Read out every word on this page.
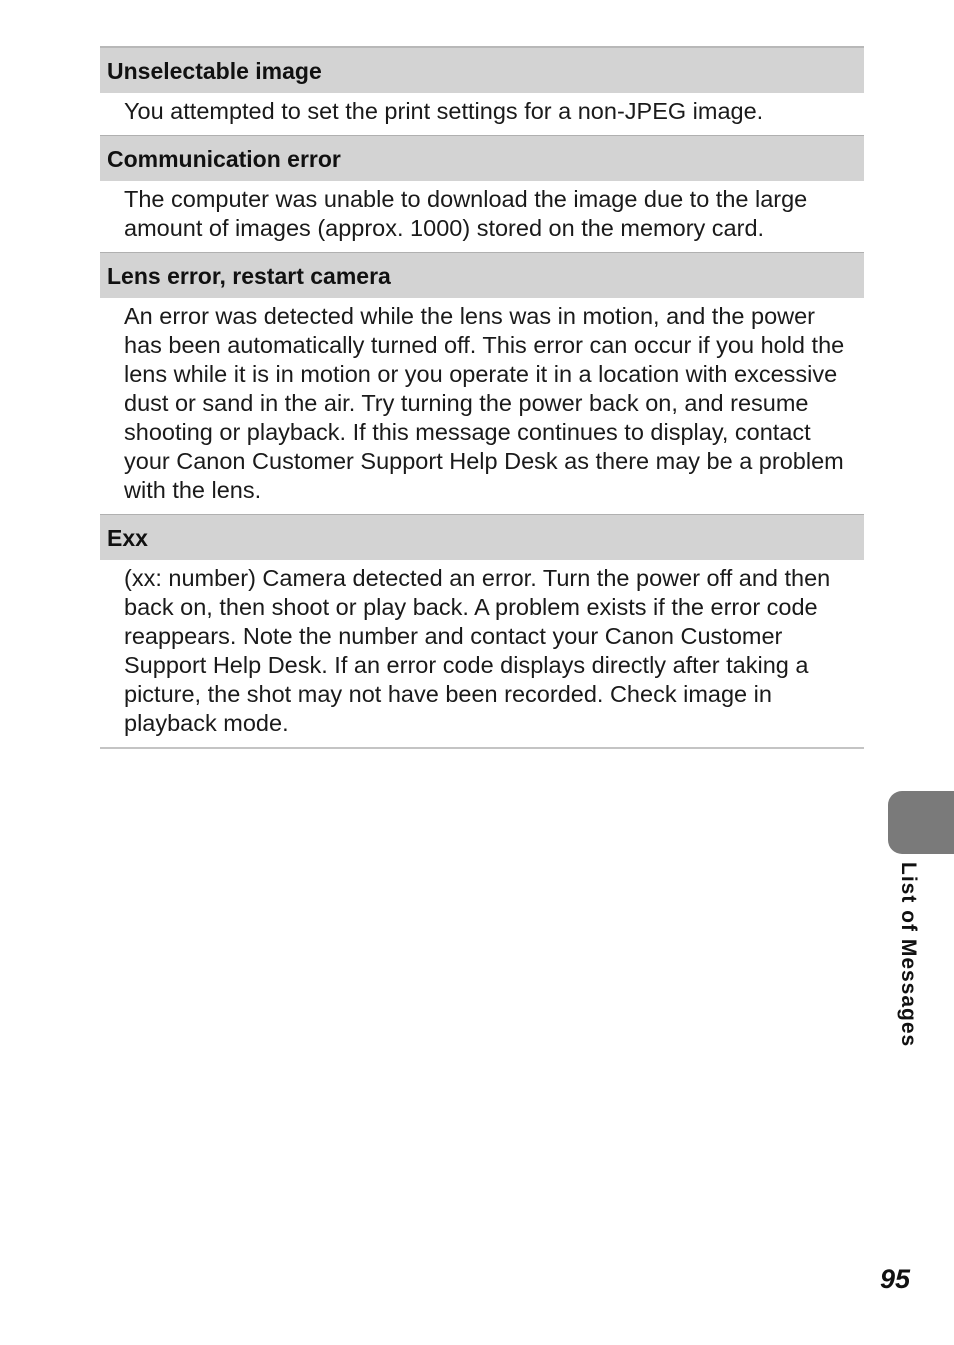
Unselectable image
You attempted to set the print settings for a non-JPEG image.
Communication error
The computer was unable to download the image due to the large amount of images (approx. 1000) stored on the memory card.
Lens error, restart camera
An error was detected while the lens was in motion, and the power has been automatically turned off. This error can occur if you hold the lens while it is in motion or you operate it in a location with excessive dust or sand in the air. Try turning the power back on, and resume shooting or playback. If this message continues to display, contact your Canon Customer Support Help Desk as there may be a problem with the lens.
Exx
(xx: number) Camera detected an error. Turn the power off and then back on, then shoot or play back. A problem exists if the error code reappears. Note the number and contact your Canon Customer Support Help Desk. If an error code displays directly after taking a picture, the shot may not have been recorded. Check image in playback mode.
List of Messages
95
